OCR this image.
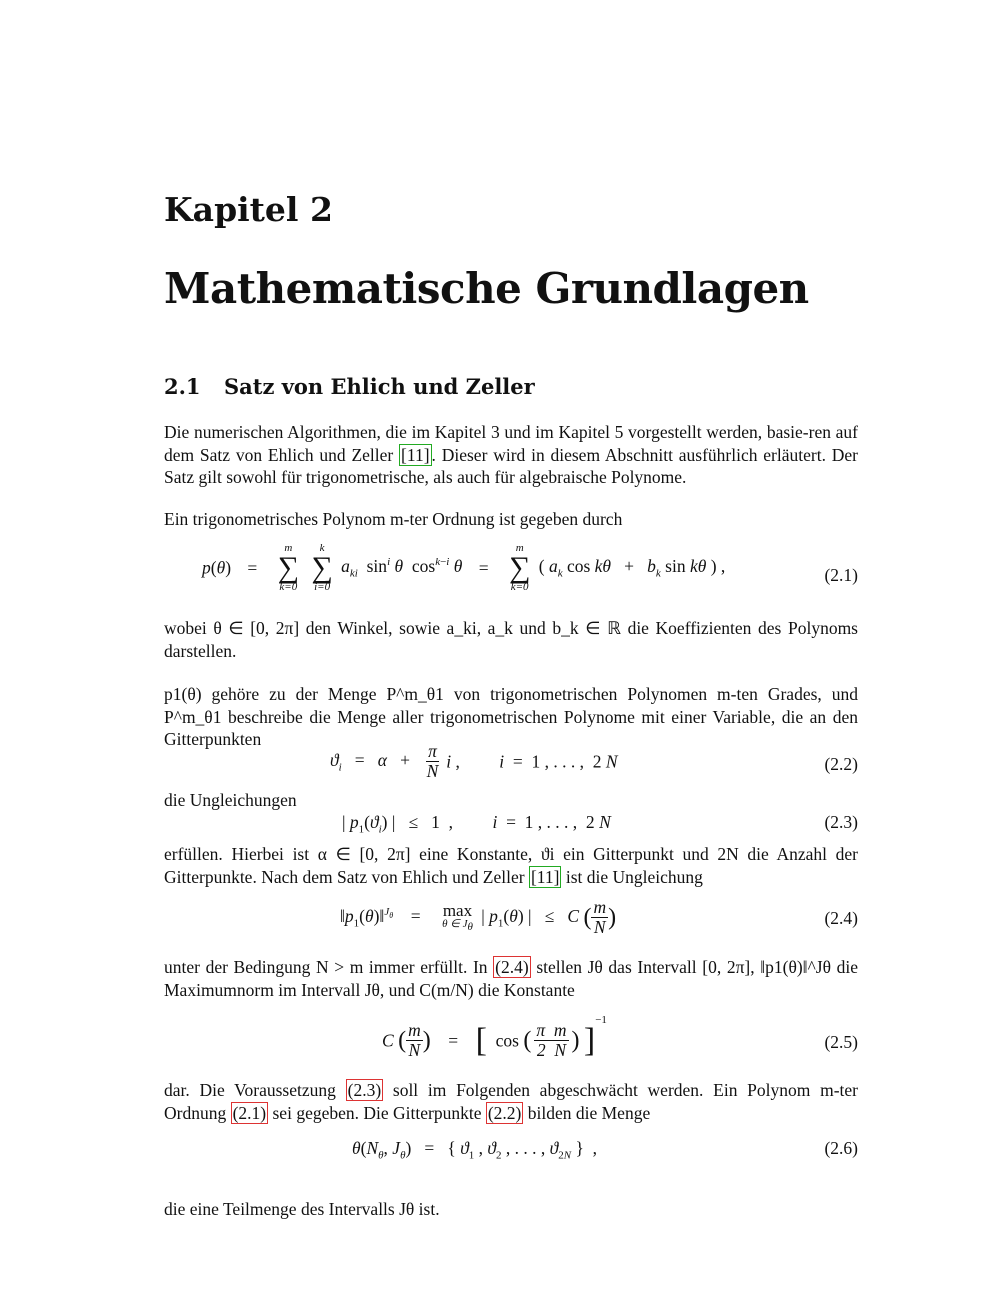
Kapitel 2
Mathematische Grundlagen
2.1 Satz von Ehlich und Zeller
Die numerischen Algorithmen, die im Kapitel 3 und im Kapitel 5 vorgestellt werden, basie-ren auf dem Satz von Ehlich und Zeller [11] . Dieser wird in diesem Abschnitt ausführlich erläutert. Der Satz gilt sowohl für trigonometrische, als auch für algebraische Polynome.
Ein trigonometrisches Polynom m-ter Ordnung ist gegeben durch
p(θ) =
m
∑
k=0

k
∑
i=0
$a_{ki}$  $\sin^i \theta$  $\cos^{k-i} \theta$ =
m
∑
k=0
( $a_k$ $\cos k\theta + b_k$ sin kθ ) ,	(2.1)
wobei θ ∈ [0, 2π] den Winkel, sowie a_ki, a_k und b_k ∈ ℝ die Koeffizienten des Polynoms darstellen.
p1(θ) gehöre zu der Menge P^m_θ1 von trigonometrischen Polynomen m-ten Grades, und P^m_θ1 beschreibe die Menge aller trigonometrischen Polynome mit einer Variable, die an den Gitterpunkten
$ϑ_i = \alpha + \frac{\pi}{N}$ i ,         i  =  1 , . . . ,  2 N	(2.2)
die Ungleichungen
| $p_1(ϑ_i)$ |   ≤   1  ,         i  =  1 , . . . ,  2 N	(2.3)
erfüllen. Hierbei ist α ∈ [0, 2π] eine Konstante, ϑi ein Gitterpunkt und 2N die Anzahl der Gitterpunkte. Nach dem Satz von Ehlich und Zeller [11] ist die Ungleichung
$‖p_1(\theta)‖^{J_\theta}$    = max
θ ∈ $J_\theta$
| $p_1(\theta)$ |   ≤   C ( $\frac{m}{N}$ )	(2.4)
unter der Bedingung N > m immer erfüllt. In (2.4) stellen Jθ das Intervall [0, 2π], ‖p1(θ)‖^Jθ die Maximumnorm im Intervall Jθ, und C(m/N) die Konstante
C ( $\frac{m}{N}$ )    =    [  cos ( $\frac{\text{π  m}}{2 N}$ ) ]$^{-1}$
(2.5)
dar. Die Voraussetzung (2.3) soll im Folgenden abgeschwächt werden. Ein Polynom m-ter Ordnung (2.1) sei gegeben. Die Gitterpunkte (2.2) bilden die Menge
$\theta(N_\theta$, $J_\theta$)   =   { $ϑ_1$ , $ϑ_2$ , . . . , $ϑ_{2N}$ }  ,	(2.6)
die eine Teilmenge des Intervalls Jθ ist.
